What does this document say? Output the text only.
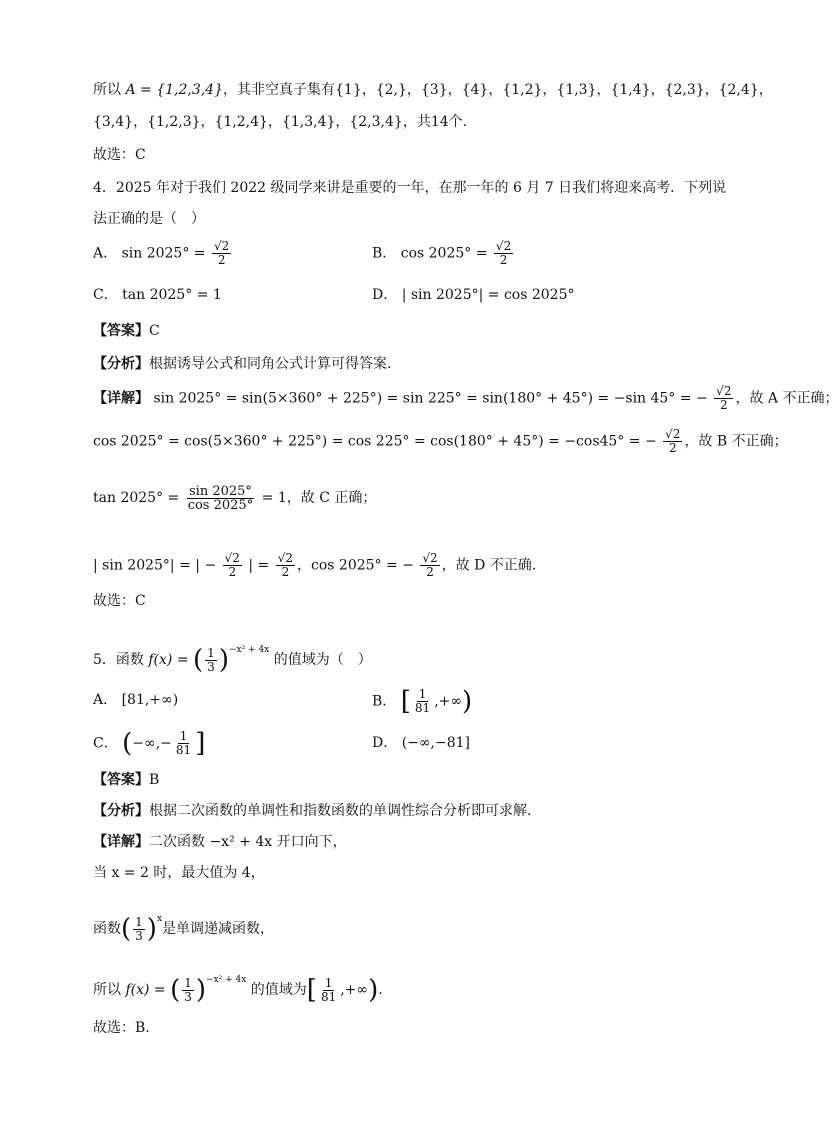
所以 A = {1,2,3,4}，其非空真子集有{1}，{2,}，{3}，{4}，{1,2}，{1,3}，{1,4}，{2,3}，{2,4}，
{3,4}，{1,2,3}，{1,2,4}，{1,3,4}，{2,3,4}，共14个.
故选：C
4．2025 年对于我们 2022 级同学来讲是重要的一年，在那一年的 6 月 7 日我们将迎来高考．下列说
法正确的是（　）
A． $\sin 2025^\circ = \frac{√2}{2}$	B． $\cos 2025^\circ = \frac{√2}{2}$
C． tan 2025° = 1	D． | sin 2025°| = cos 2025°
【答案】C
【分析】根据诱导公式和同角公式计算可得答案.
【详解】 sin 2025° = sin(5×360° + 225°) = sin 225° = sin(180° + 45°) = −sin 45° = − $\frac{√2}{2}$ ，故 A 不正确；
cos 2025° = cos(5×360° + 225°) = cos 225° = cos(180° + 45°) = −cos45° = − $\frac{√2}{2}$ ，故 B 不正确；
$\tan 2025^\circ = \frac{\sin 2025^\circ}{\cos 2025^\circ} = 1$，故 C 正确；
| sin 2025°| = | − $\frac{√2}{2}$ | = $\frac{√2}{2}$ ，cos 2025° = − $\frac{√2}{2}$ ，故 D 不正确.
故选：C
5．函数 f(x) = ( $\frac{1}{3} )^{-x^2 + 4x}$ 的值域为（　）
A． [81,+∞)	B． [ $\frac{1}{81}$ ,+∞)
C． (−∞,− $\frac{1}{81}$ ]	D． (−∞,−81]
【答案】B
【分析】根据二次函数的单调性和指数函数的单调性综合分析即可求解.
【详解】二次函数 −x² + 4x 开口向下，
当 x = 2 时，最大值为 4，
函数( $\frac{1}{3} )^x$是单调递减函数，
所以 f(x) = ( $\frac{1}{3} )^{-x^2 + 4x}$ 的值域为[ $\frac{1}{81}$ ,+∞).
故选：B.
